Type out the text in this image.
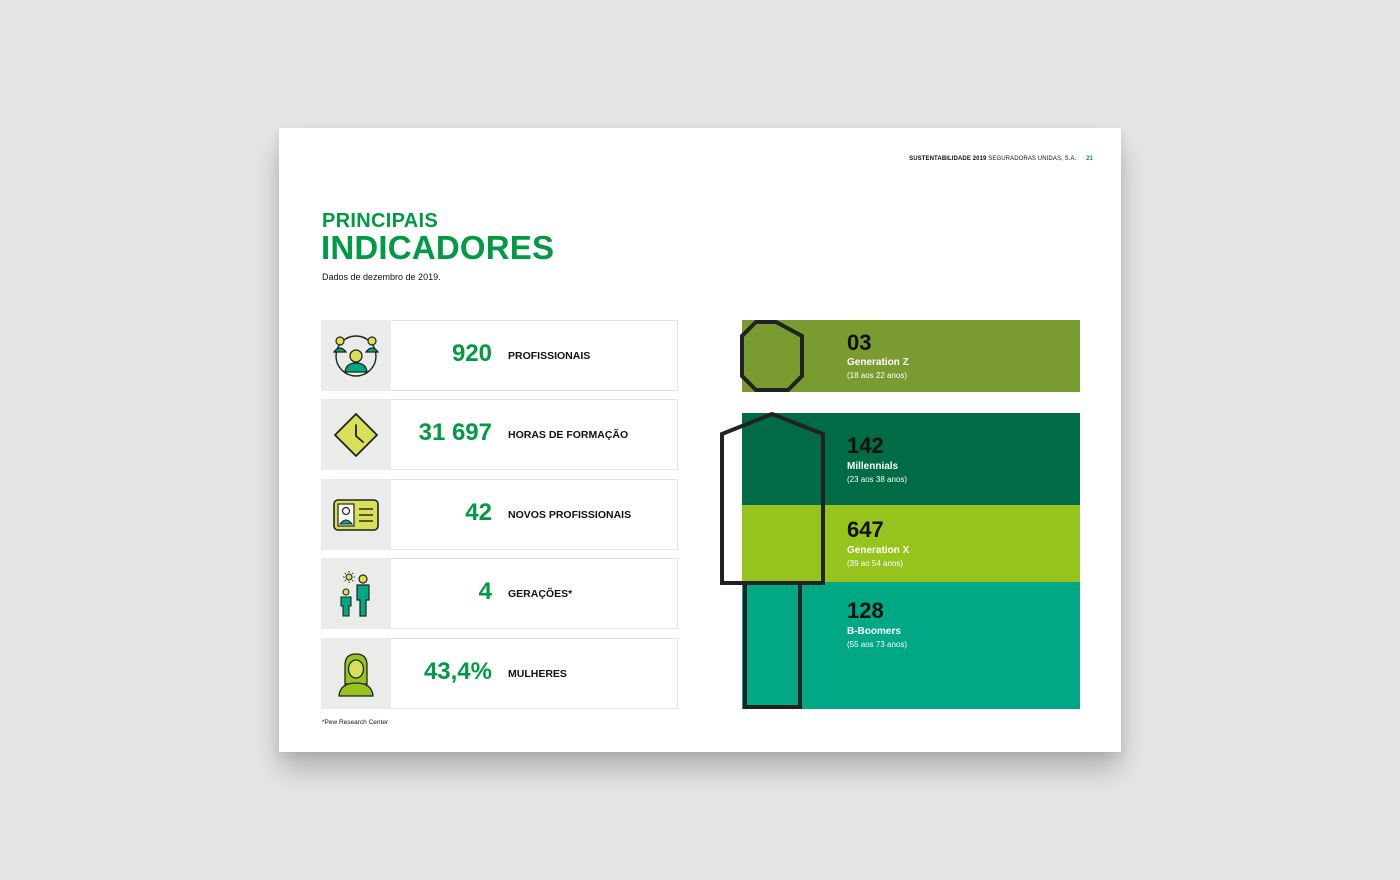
SUSTENTABILIDADE 2019 SEGURADORAS UNIDAS, S.A. 21
PRINCIPAIS
INDICADORES
Dados de dezembro de 2019.
920 PROFISSIONAIS
31 697 HORAS DE FORMAÇÃO
42 NOVOS PROFISSIONAIS
4 GERAÇÕES*
43,4% MULHERES
*Pew Research Center
03
Generation Z
(18 aos 22 anos)
142
Millennials
(23 aos 38 anos)
647
Generation X
(39 ao 54 anos)
128
B-Boomers
(55 aos 73 anos)
